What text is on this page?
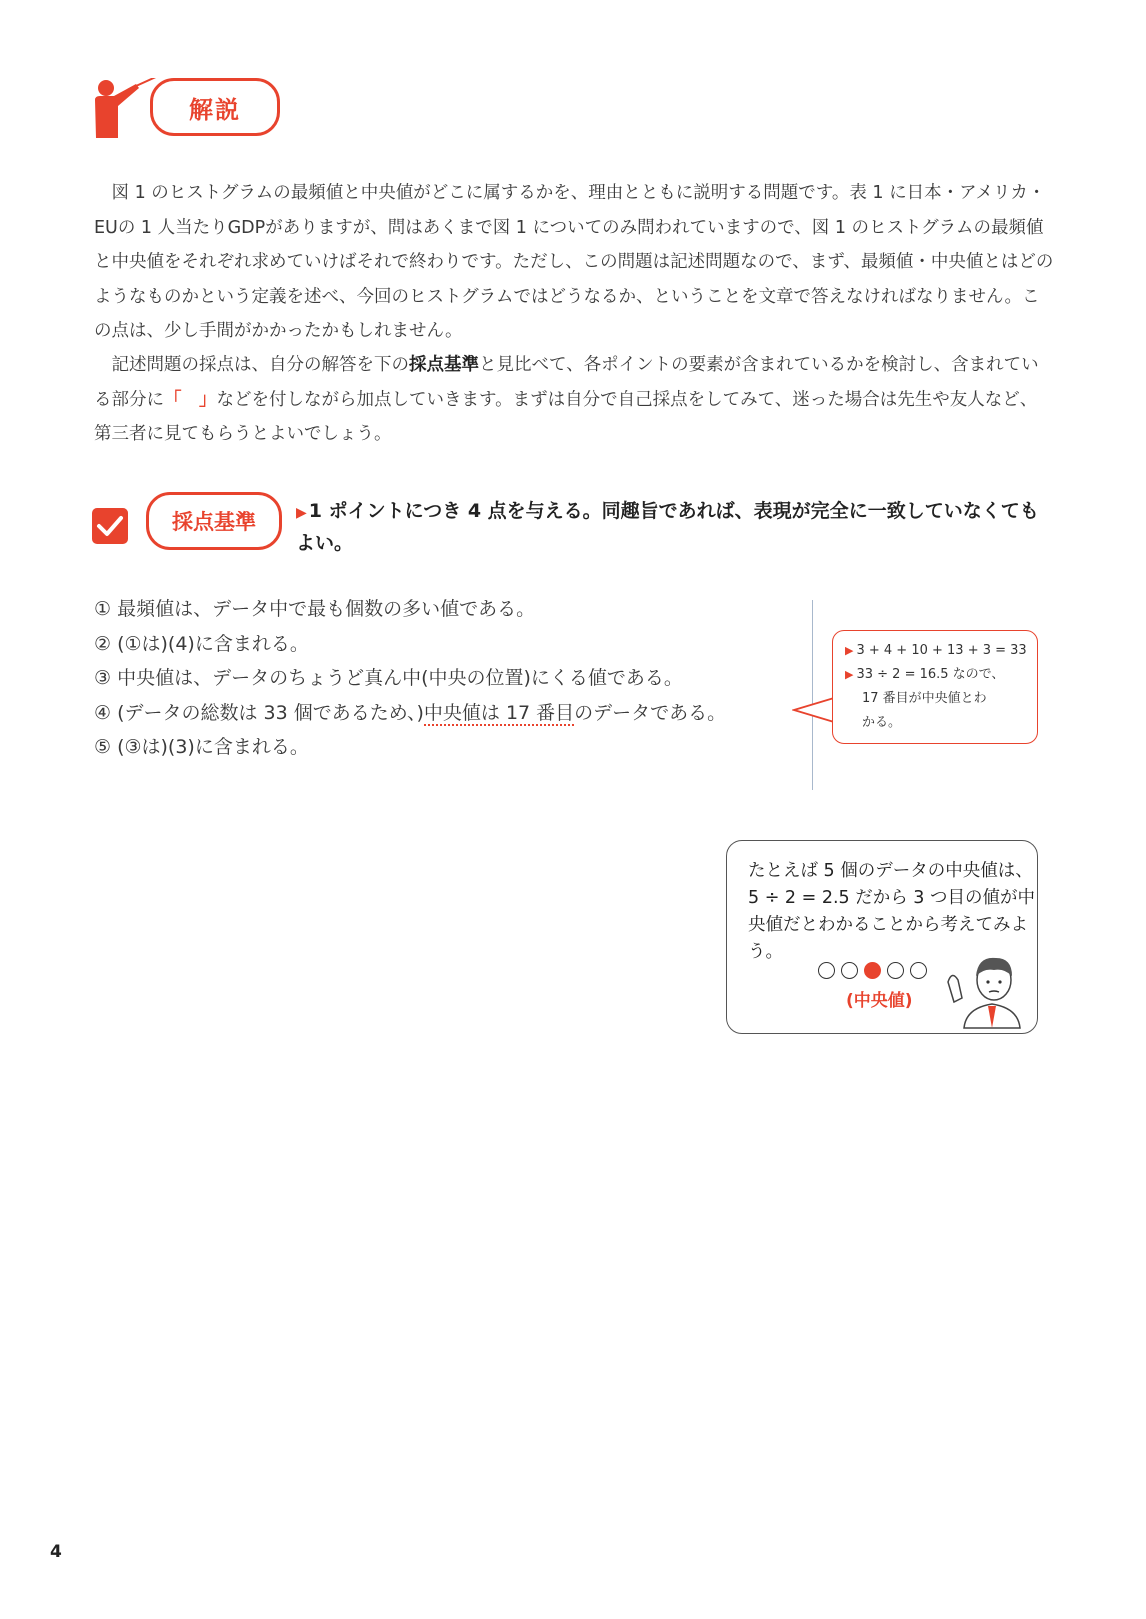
解説

図 1 のヒストグラムの最頻値と中央値がどこに属するかを、理由とともに説明する問題です。表 1 に日本・アメリカ・EUの 1 人当たりGDPがありますが、問はあくまで図 1 についてのみ問われていますので、図 1 のヒストグラムの最頻値と中央値をそれぞれ求めていけばそれで終わりです。ただし、この問題は記述問題なので、まず、最頻値・中央値とはどのようなものかという定義を述べ、今回のヒストグラムではどうなるか、ということを文章で答えなければなりません。この点は、少し手間がかかったかもしれません。

記述問題の採点は、自分の解答を下の採点基準と見比べて、各ポイントの要素が含まれているかを検討し、含まれている部分に「　」などを付しながら加点していきます。まずは自分で自己採点をしてみて、迷った場合は先生や友人など、第三者に見てもらうとよいでしょう。

採点基準	▶ 1 ポイントにつき 4 点を与える。同趣旨であれば、表現が完全に一致していなくてもよい。
① 最頻値は、データ中で最も個数の多い値である。
② (①は)(4)に含まれる。
③ 中央値は、データのちょうど真ん中(中央の位置)にくる値である。
④ (データの総数は 33 個であるため、)中央値は 17 番目のデータである。
⑤ (③は)(3)に含まれる。
▶ 3 + 4 + 10 + 13 + 3 = 33
▶ 33 ÷ 2 = 16.5 なので、
17 番目が中央値とわ
かる。

たとえば 5 個のデータの中央値は、5 ÷ 2 = 2.5 だから 3 つ目の値が中央値だとわかることから考えてみよう。

(中央値)
4
